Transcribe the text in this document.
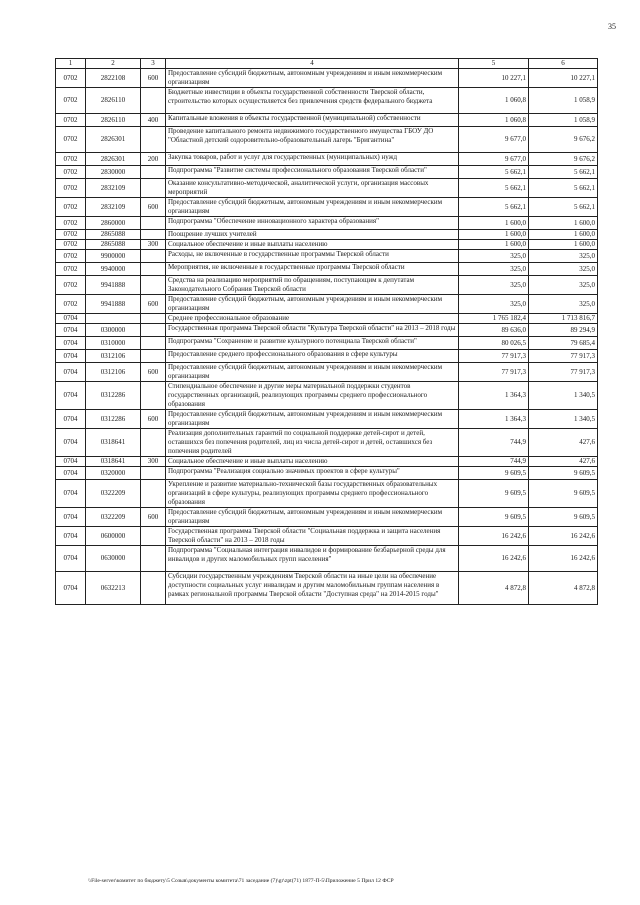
35
1	2	3	4	5	6
0702	2822108	600	Предоставление субсидий бюджетным, автономным учреждениям и иным некоммерческим организациям	10 227,1	10 227,1
0702	2826110		Бюджетные инвестиции в объекты государственной собственности Тверской области, строительство которых осуществляется без привлечения средств федерального бюджета	1 060,8	1 058,9
0702	2826110	400	Капитальные вложения в объекты государственной (муниципальной) собственности	1 060,8	1 058,9
0702	2826301		Проведение капитального ремонта недвижимого государственного имущества ГБОУ ДО "Областной детский оздоровительно-образовательный лагерь "Бригантина"	9 677,0	9 676,2
0702	2826301	200	Закупка товаров, работ и услуг для государственных (муниципальных) нужд	9 677,0	9 676,2
0702	2830000		Подпрограмма "Развитие системы профессионального образования Тверской области"	5 662,1	5 662,1
0702	2832109		Оказание консультативно-методической, аналитической услуги, организация массовых мероприятий	5 662,1	5 662,1
0702	2832109	600	Предоставление субсидий бюджетным, автономным учреждениям и иным некоммерческим организациям	5 662,1	5 662,1
0702	2860000		Подпрограмма "Обеспечение инновационного характера образования"	1 600,0	1 600,0
0702	2865088		Поощрение лучших учителей	1 600,0	1 600,0
0702	2865088	300	Социальное обеспечение и иные выплаты населению	1 600,0	1 600,0
0702	9900000		Расходы, не включенные в государственные программы Тверской области	325,0	325,0
0702	9940000		Мероприятия, не включенные в государственные программы Тверской области	325,0	325,0
0702	9941888		Средства на реализацию мероприятий по обращениям, поступающим к депутатам Законодательного Собрания Тверской области	325,0	325,0
0702	9941888	600	Предоставление субсидий бюджетным, автономным учреждениям и иным некоммерческим организациям	325,0	325,0
0704			Среднее профессиональное образование	1 765 182,4	1 713 816,7
0704	0300000		Государственная программа Тверской области "Культура Тверской области" на 2013 – 2018 годы	89 636,0	89 294,9
0704	0310000		Подпрограмма "Сохранение и развитие культурного потенциала Тверской области"	80 026,5	79 685,4
0704	0312106		Предоставление среднего профессионального образования в сфере культуры	77 917,3	77 917,3
0704	0312106	600	Предоставление субсидий бюджетным, автономным учреждениям и иным некоммерческим организациям	77 917,3	77 917,3
0704	0312286		Стипендиальное обеспечение и другие меры материальной поддержки студентов государственных организаций, реализующих программы среднего профессионального образования	1 364,3	1 340,5
0704	0312286	600	Предоставление субсидий бюджетным, автономным учреждениям и иным некоммерческим организациям	1 364,3	1 340,5
0704	0318641		Реализация дополнительных гарантий по социальной поддержке детей-сирот и детей, оставшихся без попечения родителей, лиц из числа детей-сирот и детей, оставшихся без попечения родителей	744,9	427,6
0704	0318641	300	Социальное обеспечение и иные выплаты населению	744,9	427,6
0704	0320000		Подпрограмма "Реализация социально значимых проектов в сфере культуры"	9 609,5	9 609,5
0704	0322209		Укрепление и развитие материально-технической базы государственных образовательных организаций в сфере культуры, реализующих программы среднего профессионального образования	9 609,5	9 609,5
0704	0322209	600	Предоставление субсидий бюджетным, автономным учреждениям и иным некоммерческим организациям	9 609,5	9 609,5
0704	0600000		Государственная программа Тверской области "Социальная поддержка и защита населения Тверской области" на 2013 – 2018 годы	16 242,6	16 242,6
0704	0630000		Подпрограмма "Социальная интеграция инвалидов и формирование безбарьерной среды для инвалидов и других маломобильных групп населения"	16 242,6	16 242,6
0704	0632213		Субсидии государственным учреждениям Тверской области на иные цели на обеспечение доступности социальных услуг инвалидам и другим маломобильным группам населения в рамках региональной программы Тверской области "Доступная среда" на 2014-2015 годы"	4 872,8	4 872,8
\\File-server\комитет по бюджету\5 Созыв\документы комитета\71 заседание (7)\gr\zpt(71) 1877-П-5\Приложение 5 Прил 12 ФСР
